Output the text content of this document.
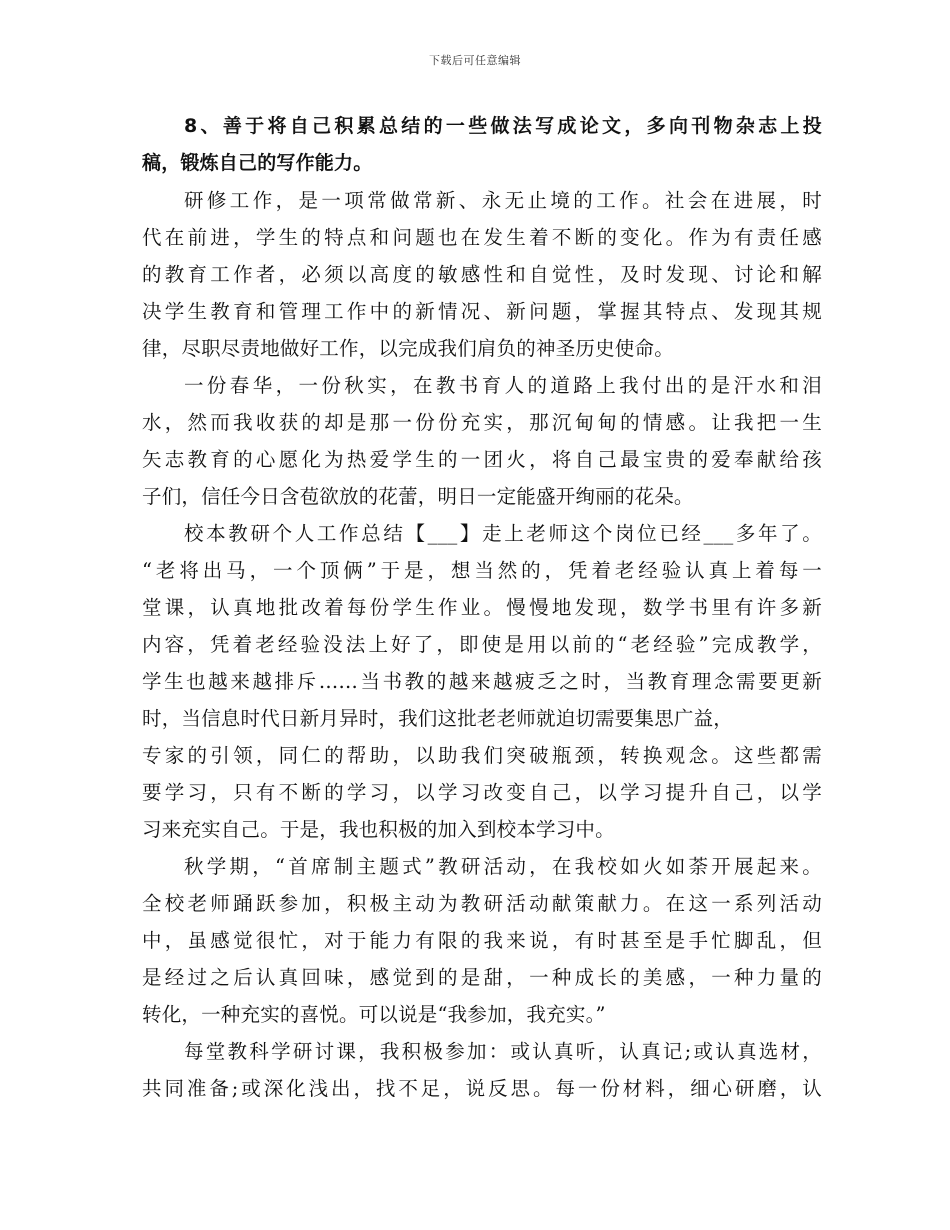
下载后可任意编辑
8、善于将自己积累总结的一些做法写成论文，多向刊物杂志上投
稿，锻炼自己的写作能力。
研修工作，是一项常做常新、永无止境的工作。社会在进展，时
代在前进，学生的特点和问题也在发生着不断的变化。作为有责任感
的教育工作者，必须以高度的敏感性和自觉性，及时发现、讨论和解
决学生教育和管理工作中的新情况、新问题，掌握其特点、发现其规
律，尽职尽责地做好工作，以完成我们肩负的神圣历史使命。
一份春华，一份秋实，在教书育人的道路上我付出的是汗水和泪
水，然而我收获的却是那一份份充实，那沉甸甸的情感。让我把一生
矢志教育的心愿化为热爱学生的一团火，将自己最宝贵的爱奉献给孩
子们，信任今日含苞欲放的花蕾，明日一定能盛开绚丽的花朵。
校本教研个人工作总结【___】走上老师这个岗位已经___多年了。
“老将出马，一个顶俩”于是，想当然的，凭着老经验认真上着每一
堂课，认真地批改着每份学生作业。慢慢地发现，数学书里有许多新
内容，凭着老经验没法上好了，即使是用以前的“老经验”完成教学，
学生也越来越排斥……当书教的越来越疲乏之时，当教育理念需要更新
时，当信息时代日新月异时，我们这批老老师就迫切需要集思广益，
专家的引领，同仁的帮助，以助我们突破瓶颈，转换观念。这些都需
要学习，只有不断的学习，以学习改变自己，以学习提升自己，以学
习来充实自己。于是，我也积极的加入到校本学习中。
秋学期，“首席制主题式”教研活动，在我校如火如荼开展起来。
全校老师踊跃参加，积极主动为教研活动献策献力。在这一系列活动
中，虽感觉很忙，对于能力有限的我来说，有时甚至是手忙脚乱，但
是经过之后认真回味，感觉到的是甜，一种成长的美感，一种力量的
转化，一种充实的喜悦。可以说是“我参加，我充实。”
每堂教科学研讨课，我积极参加：或认真听，认真记;或认真选材，
共同准备;或深化浅出，找不足，说反思。每一份材料，细心研磨，认
